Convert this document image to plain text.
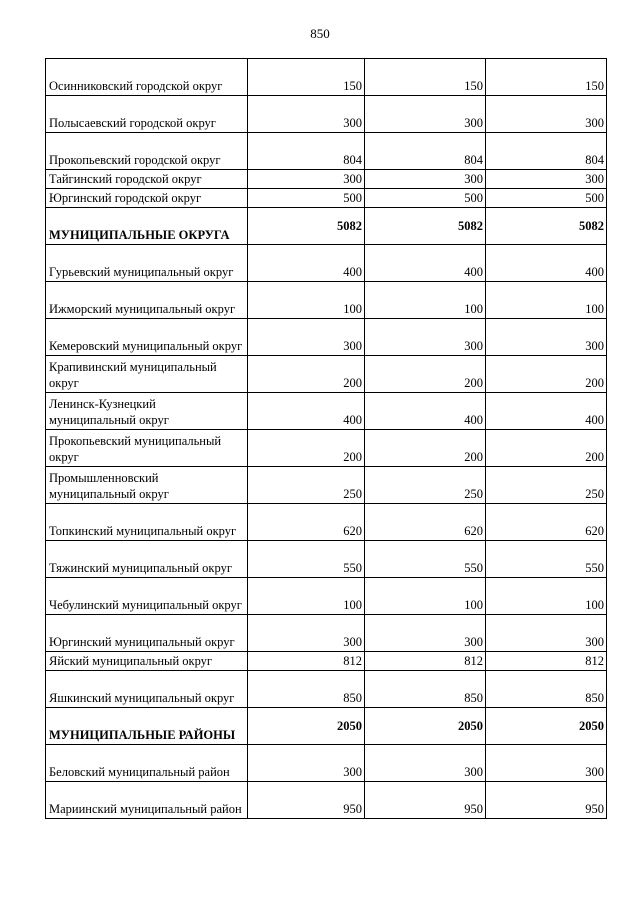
850
Осинниковский городской округ	150	150	150
Полысаевский городской округ	300	300	300
Прокопьевский городской округ	804	804	804
Тайгинский городской округ	300	300	300
Юргинский городской округ	500	500	500
МУНИЦИПАЛЬНЫЕ ОКРУГА	5082	5082	5082
Гурьевский муниципальный округ	400	400	400
Ижморский муниципальный округ	100	100	100
Кемеровский муниципальный округ	300	300	300
Крапивинский муниципальный округ	200	200	200
Ленинск-Кузнецкий муниципальный округ	400	400	400
Прокопьевский муниципальный округ	200	200	200
Промышленновский муниципальный округ	250	250	250
Топкинский муниципальный округ	620	620	620
Тяжинский муниципальный округ	550	550	550
Чебулинский муниципальный округ	100	100	100
Юргинский муниципальный округ	300	300	300
Яйский муниципальный округ	812	812	812
Яшкинский муниципальный округ	850	850	850
МУНИЦИПАЛЬНЫЕ РАЙОНЫ	2050	2050	2050
Беловский муниципальный район	300	300	300
Мариинский муниципальный район	950	950	950
